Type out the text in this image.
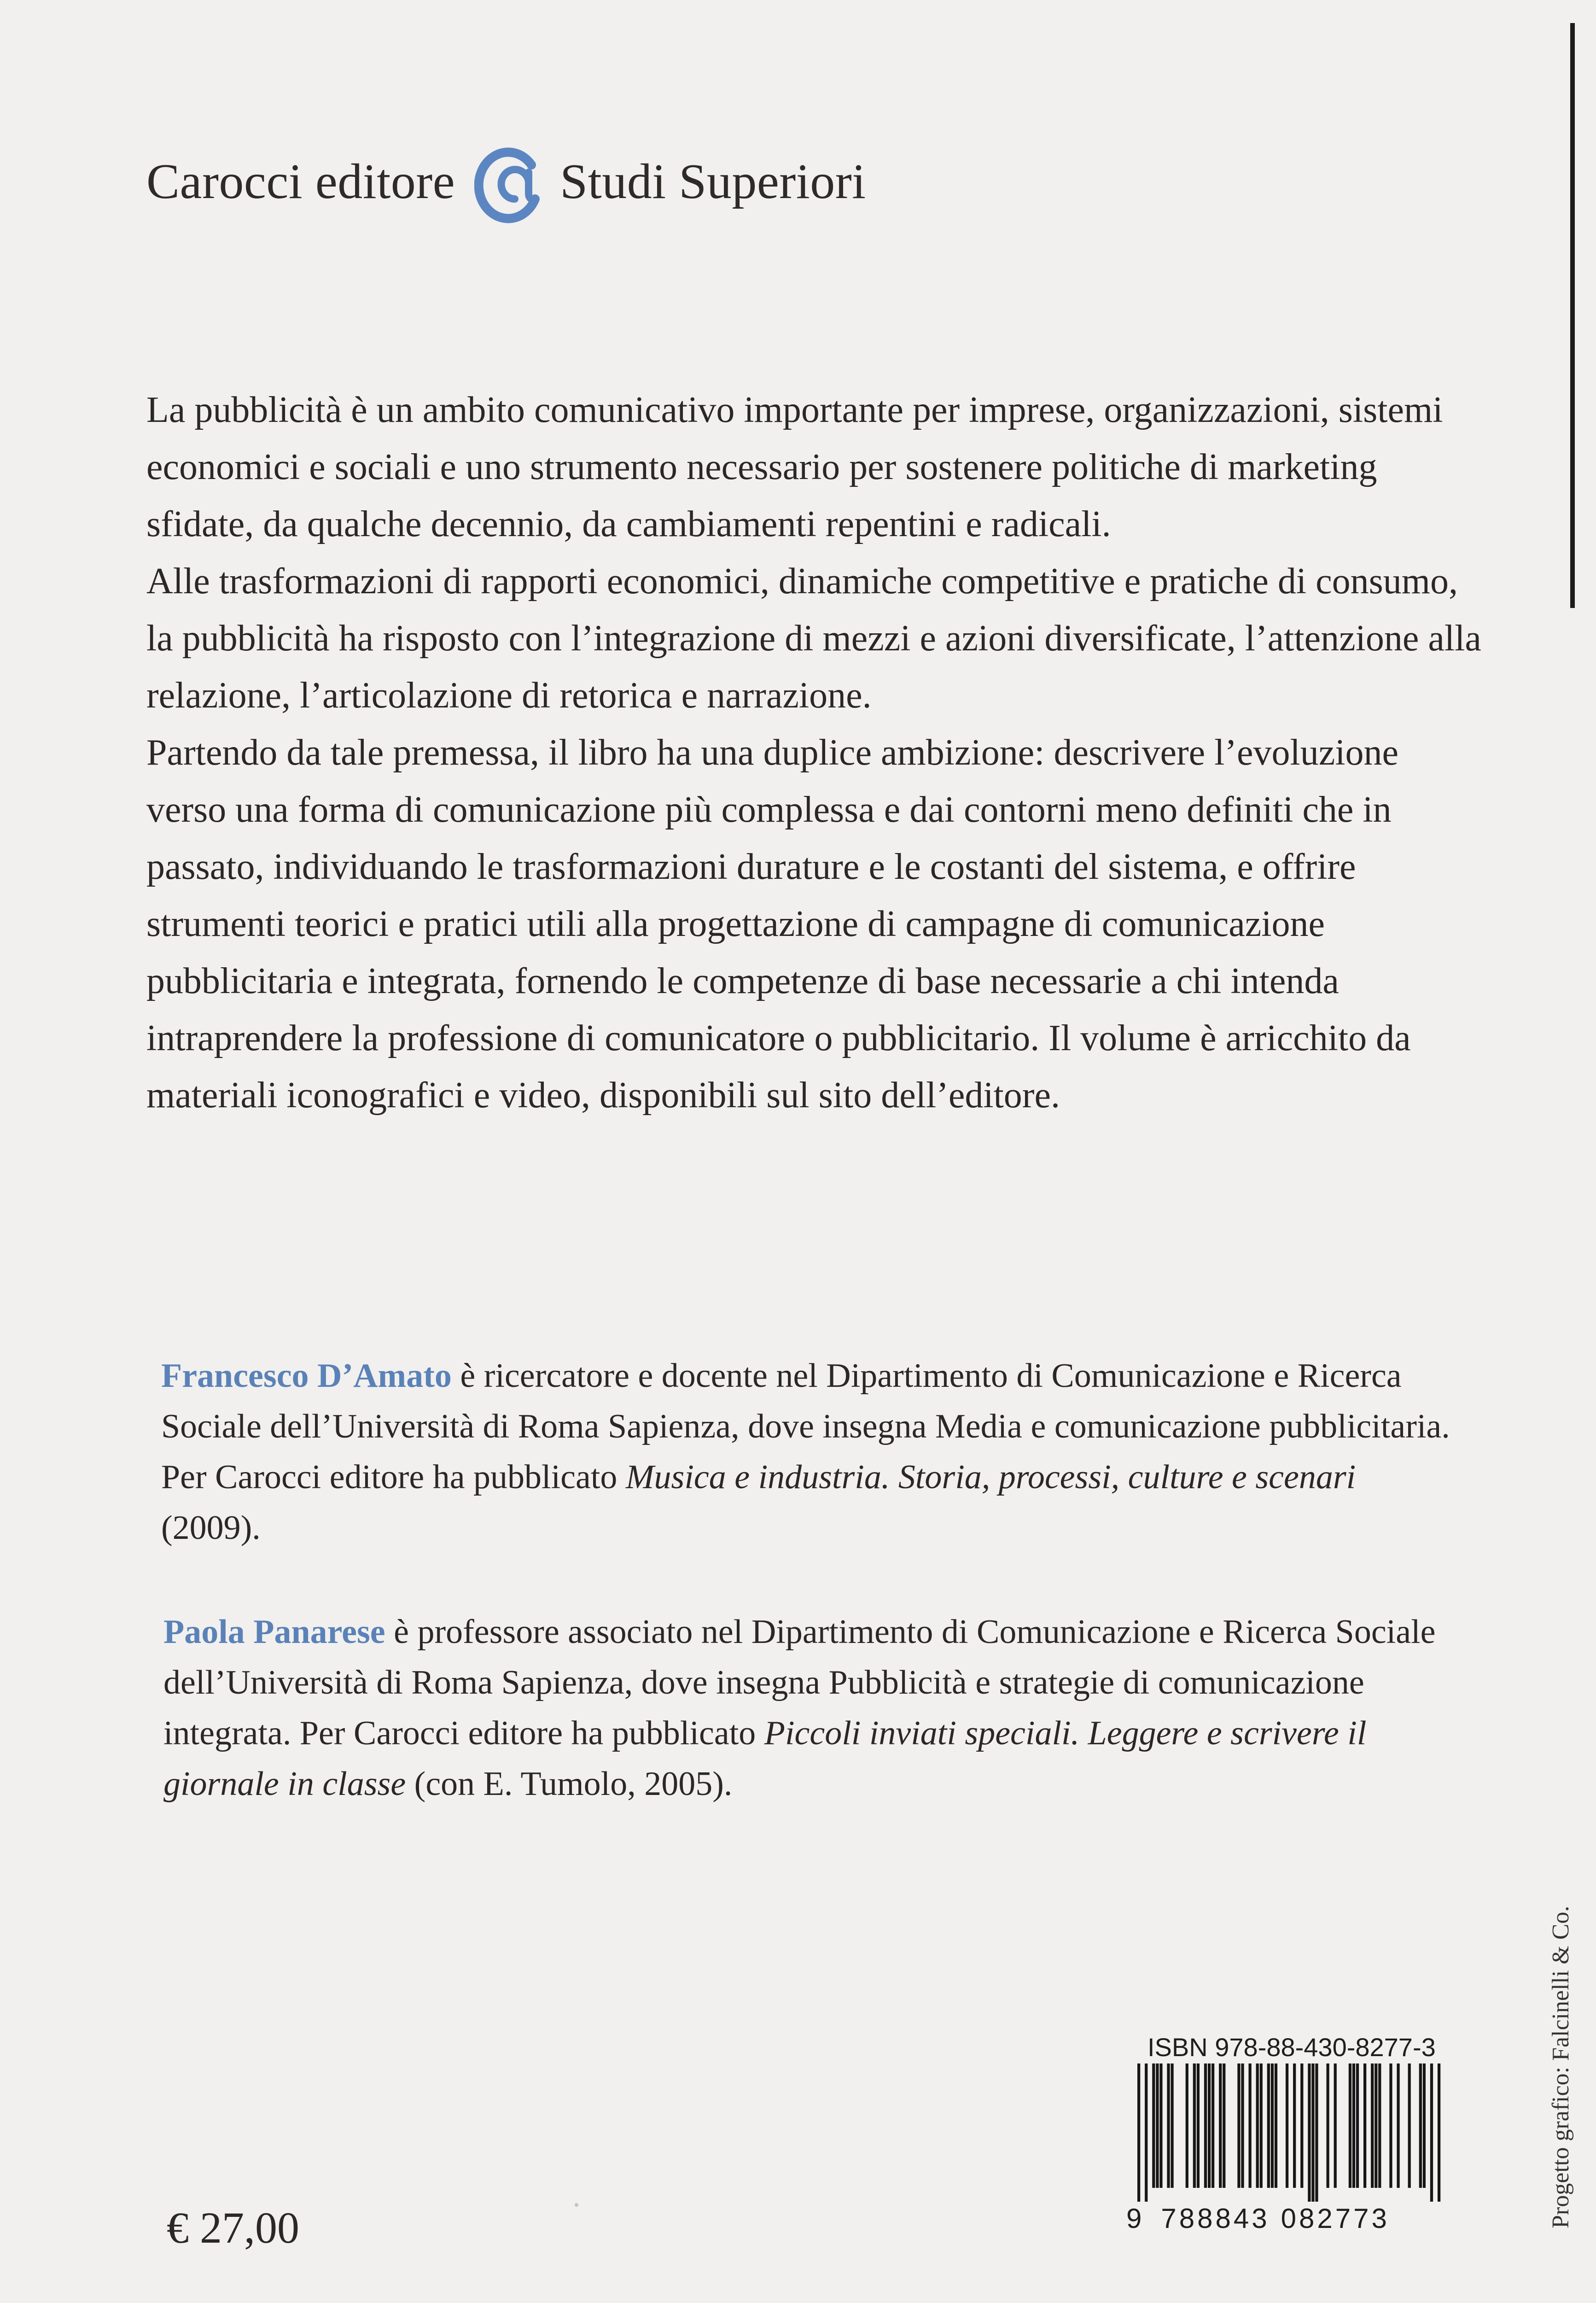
Carocci editore Studi Superiori

La pubblicità è un ambito comunicativo importante per imprese, organizzazioni, sistemi economici e sociali e uno strumento necessario per sostenere politiche di marketing sfidate, da qualche decennio, da cambiamenti repentini e radicali.

Alle trasformazioni di rapporti economici, dinamiche competitive e pratiche di consumo, la pubblicità ha risposto con l’integrazione di mezzi e azioni diversificate, l’attenzione alla relazione, l’articolazione di retorica e narrazione.

Partendo da tale premessa, il libro ha una duplice ambizione: descrivere l’evoluzione verso una forma di comunicazione più complessa e dai contorni meno definiti che in passato, individuando le trasformazioni durature e le costanti del sistema, e offrire strumenti teorici e pratici utili alla progettazione di campagne di comunicazione pubblicitaria e integrata, fornendo le competenze di base necessarie a chi intenda intraprendere la professione di comunicatore o pubblicitario. Il volume è arricchito da materiali iconografici e video, disponibili sul sito dell’editore.

Francesco D’Amato è ricercatore e docente nel Dipartimento di Comunicazione e Ricerca Sociale dell’Università di Roma Sapienza, dove insegna Media e comunicazione pubblicitaria. Per Carocci editore ha pubblicato Musica e industria. Storia, processi, culture e scenari (2009).
Paola Panarese è professore associato nel Dipartimento di Comunicazione e Ricerca Sociale dell’Università di Roma Sapienza, dove insegna Pubblicità e strategie di comunicazione integrata. Per Carocci editore ha pubblicato Piccoli inviati speciali. Leggere e scrivere il giornale in classe (con E. Tumolo, 2005).
€ 27,00
ISBN 978-88-430-8277-3
9 788843 082773	Progetto grafico: Falcinelli & Co.
